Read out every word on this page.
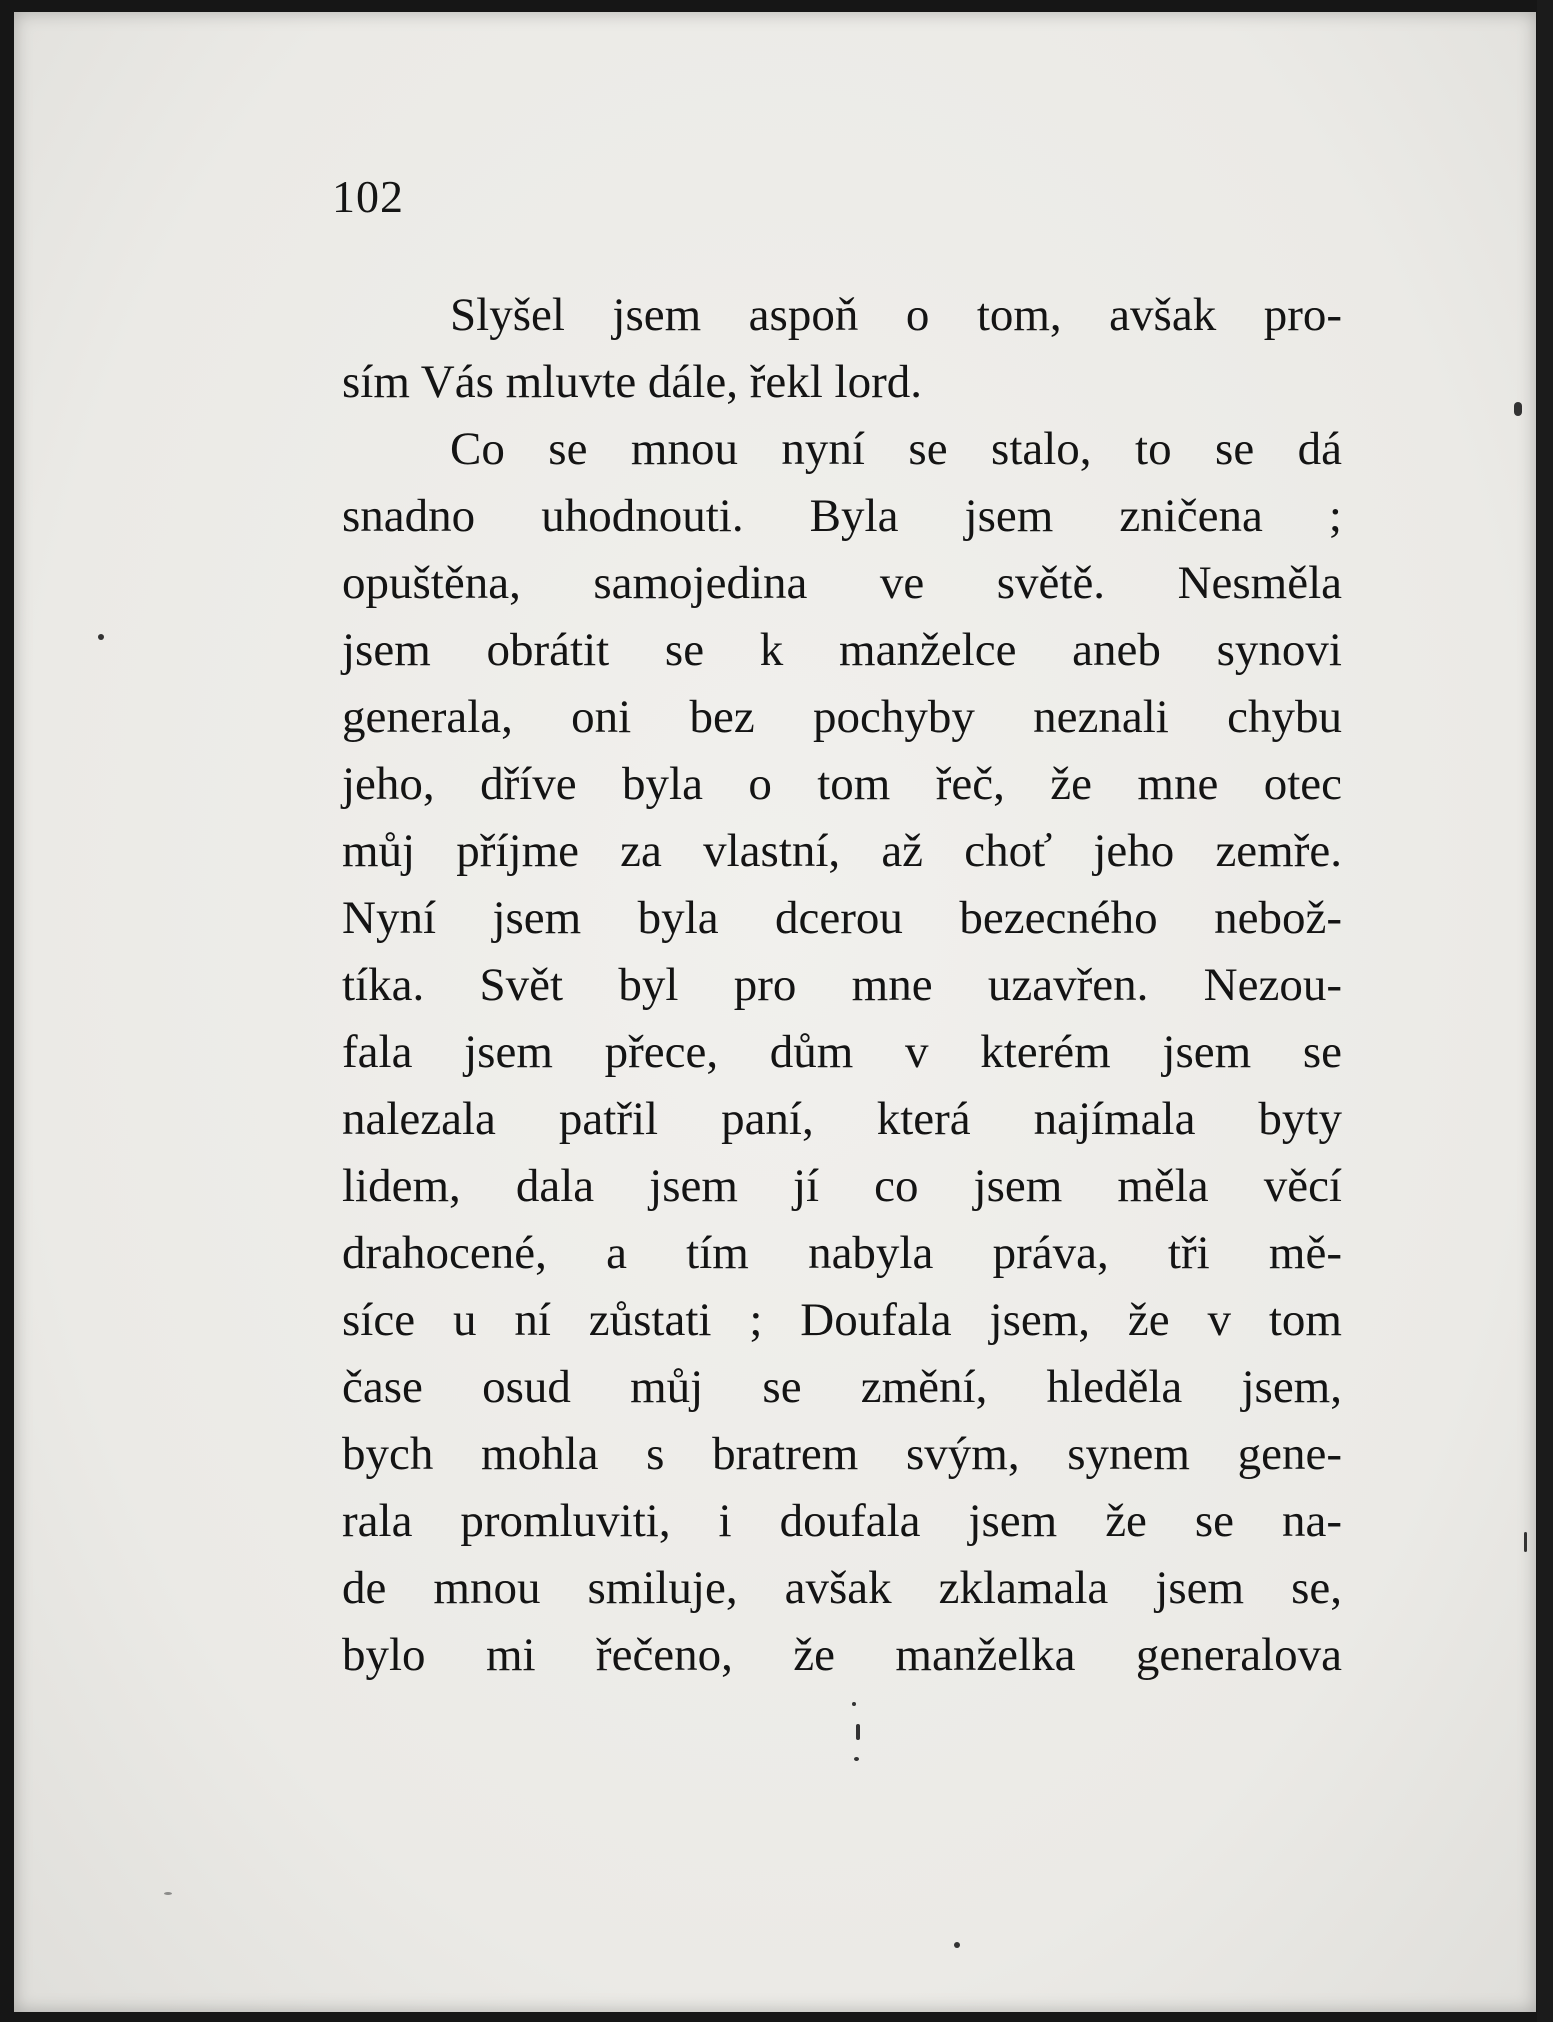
102
Slyšel jsem aspoň o tom, avšak pro-
sím Vás mluvte dále, řekl lord.
Co se mnou nyní se stalo, to se dá
snadno uhodnouti. Byla jsem zničena ;
opuštěna, samojedina ve světě. Nesměla
jsem obrátit se k manželce aneb synovi
generala, oni bez pochyby neznali chybu
jeho, dříve byla o tom řeč, že mne otec
můj příjme za vlastní, až choť jeho zemře.
Nyní jsem byla dcerou bezecného nebož-
tíka. Svět byl pro mne uzavřen. Nezou-
fala jsem přece, dům v kterém jsem se
nalezala patřil paní, která najímala byty
lidem, dala jsem jí co jsem měla věcí
drahocené, a tím nabyla práva, tři mě-
síce u ní zůstati ; Doufala jsem, že v tom
čase osud můj se změní, hleděla jsem,
bych mohla s bratrem svým, synem gene-
rala promluviti, i doufala jsem že se na-
de mnou smiluje, avšak zklamala jsem se,
bylo mi řečeno, že manželka generalova
